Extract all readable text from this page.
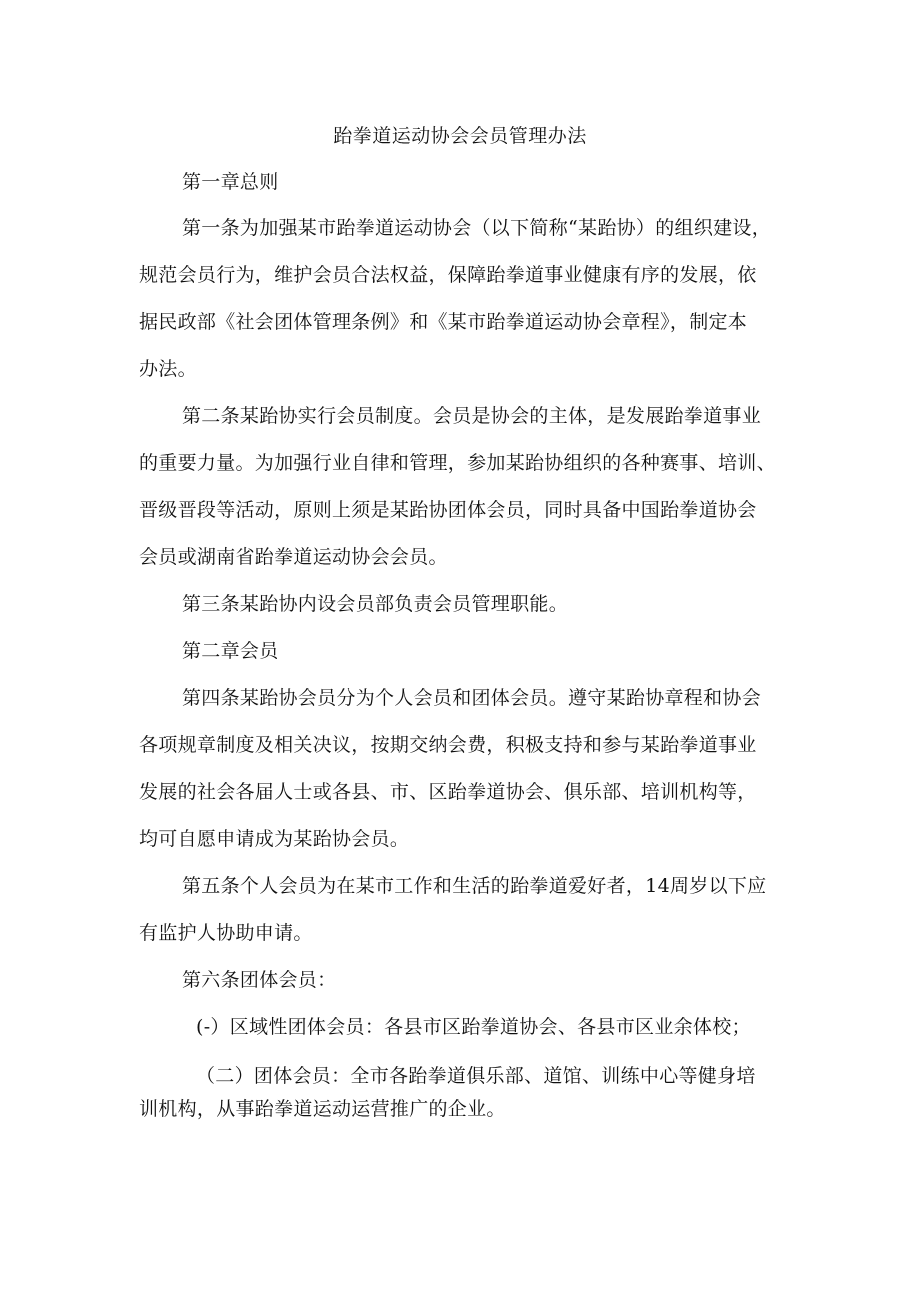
跆拳道运动协会会员管理办法
第一章总则
第一条为加强某市跆拳道运动协会（以下简称“某跆协）的组织建设，
规范会员行为，维护会员合法权益，保障跆拳道事业健康有序的发展，依
据民政部《社会团体管理条例》和《某市跆拳道运动协会章程》，制定本
办法。
第二条某跆协实行会员制度。会员是协会的主体，是发展跆拳道事业
的重要力量。为加强行业自律和管理，参加某跆协组织的各种赛事、培训、
晋级晋段等活动，原则上须是某跆协团体会员，同时具备中国跆拳道协会
会员或湖南省跆拳道运动协会会员。
第三条某跆协内设会员部负责会员管理职能。
第二章会员
第四条某跆协会员分为个人会员和团体会员。遵守某跆协章程和协会
各项规章制度及相关决议，按期交纳会费，积极支持和参与某跆拳道事业
发展的社会各届人士或各县、市、区跆拳道协会、俱乐部、培训机构等，
均可自愿申请成为某跆协会员。
第五条个人会员为在某市工作和生活的跆拳道爱好者，14周岁以下应
有监护人协助申请。
第六条团体会员：
(-）区域性团体会员：各县市区跆拳道协会、各县市区业余体校；
（二）团体会员：全市各跆拳道俱乐部、道馆、训练中心等健身培
训机构，从事跆拳道运动运营推广的企业。
